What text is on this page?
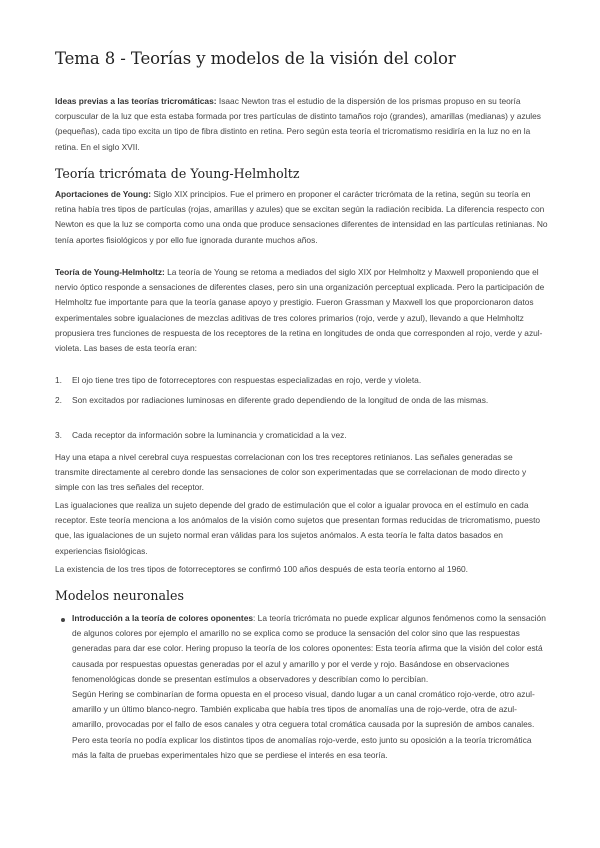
Tema 8 - Teorías y modelos de la visión del color

Ideas previas a las teorías tricromáticas: Isaac Newton tras el estudio de la dispersión de los prismas propuso en su teoría corpuscular de la luz que esta estaba formada por tres partículas de distinto tamaños rojo (grandes), amarillas (medianas) y azules (pequeñas), cada tipo excita un tipo de fibra distinto en retina. Pero según esta teoría el tricromatismo residiría en la luz no en la retina. En el siglo XVII.

Teoría tricrómata de Young-Helmholtz

Aportaciones de Young: Siglo XIX principios. Fue el primero en proponer el carácter tricrómata de la retina, según su teoría en retina había tres tipos de partículas (rojas, amarillas y azules) que se excitan según la radiación recibida. La diferencia respecto con Newton es que la luz se comporta como una onda que produce sensaciones diferentes de intensidad en las partículas retinianas. No tenía aportes fisiológicos y por ello fue ignorada durante muchos años.

Teoría de Young-Helmholtz: La teoría de Young se retoma a mediados del siglo XIX por Helmholtz y Maxwell proponiendo que el nervio óptico responde a sensaciones de diferentes clases, pero sin una organización perceptual explicada. Pero la participación de Helmholtz fue importante para que la teoría ganase apoyo y prestigio. Fueron Grassman y Maxwell los que proporcionaron datos experimentales sobre igualaciones de mezclas aditivas de tres colores primarios (rojo, verde y azul), llevando a que Helmholtz propusiera tres funciones de respuesta de los receptores de la retina en longitudes de onda que corresponden al rojo, verde y azul-violeta. Las bases de esta teoría eran:

1. El ojo tiene tres tipo de fotorreceptores con respuestas especializadas en rojo, verde y violeta.

2. Son excitados por radiaciones luminosas en diferente grado dependiendo de la longitud de onda de las mismas.

3. Cada receptor da información sobre la luminancia y cromaticidad a la vez.

Hay una etapa a nivel cerebral cuya respuestas correlacionan con los tres receptores retinianos. Las señales generadas se transmite directamente al cerebro donde las sensaciones de color son experimentadas que se correlacionan de modo directo y simple con las tres señales del receptor.

Las igualaciones que realiza un sujeto depende del grado de estimulación que el color a igualar provoca en el estímulo en cada receptor. Este teoría menciona a los anómalos de la visión como sujetos que presentan formas reducidas de tricromatismo, puesto que, las igualaciones de un sujeto normal eran válidas para los sujetos anómalos. A esta teoría le falta datos basados en experiencias fisiológicas.

La existencia de los tres tipos de fotorreceptores se confirmó 100 años después de esta teoría entorno al 1960.

Modelos neuronales

Introducción a la teoría de colores oponentes: La teoría tricrómata no puede explicar algunos fenómenos como la sensación de algunos colores por ejemplo el amarillo no se explica como se produce la sensación del color sino que las respuestas generadas para dar ese color. Hering propuso la teoría de los colores oponentes: Esta teoría afirma que la visión del color está causada por respuestas opuestas generadas por el azul y amarillo y por el verde y rojo. Basándose en observaciones fenomenológicas donde se presentan estímulos a observadores y describían como lo percibían.

Según Hering se combinarían de forma opuesta en el proceso visual, dando lugar a un canal cromático rojo-verde, otro azul-amarillo y un último blanco-negro. También explicaba que había tres tipos de anomalías una de rojo-verde, otra de azul-amarillo, provocadas por el fallo de esos canales y otra ceguera total cromática causada por la supresión de ambos canales. Pero esta teoría no podía explicar los distintos tipos de anomalías rojo-verde, esto junto su oposición a la teoría tricromática más la falta de pruebas experimentales hizo que se perdiese el interés en esa teoría.
